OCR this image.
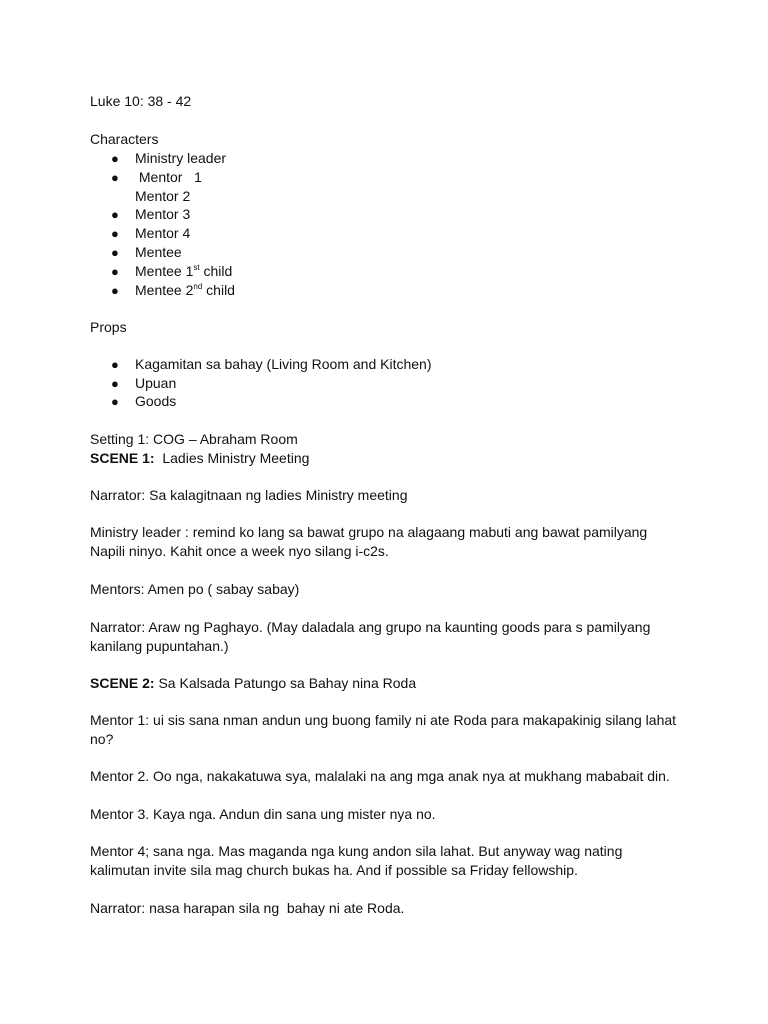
Luke 10: 38 - 42
Characters
● Ministry leader
● Mentor   1
Mentor 2
● Mentor 3
● Mentor 4
● Mentee
● Mentee 1st child
● Mentee 2nd child
Props
● Kagamitan sa bahay (Living Room and Kitchen)
● Upuan
● Goods
Setting 1: COG – Abraham Room
SCENE 1:  Ladies Ministry Meeting
Narrator: Sa kalagitnaan ng ladies Ministry meeting
Ministry leader : remind ko lang sa bawat grupo na alagaang mabuti ang bawat pamilyang
Napili ninyo. Kahit once a week nyo silang i-c2s.
Mentors: Amen po ( sabay sabay)
Narrator: Araw ng Paghayo. (May daladala ang grupo na kaunting goods para s pamilyang
kanilang pupuntahan.)
SCENE 2: Sa Kalsada Patungo sa Bahay nina Roda
Mentor 1: ui sis sana nman andun ung buong family ni ate Roda para makapakinig silang lahat
no?
Mentor 2. Oo nga, nakakatuwa sya, malalaki na ang mga anak nya at mukhang mababait din.
Mentor 3. Kaya nga. Andun din sana ung mister nya no.
Mentor 4; sana nga. Mas maganda nga kung andon sila lahat. But anyway wag nating
kalimutan invite sila mag church bukas ha. And if possible sa Friday fellowship.
Narrator: nasa harapan sila ng  bahay ni ate Roda.
